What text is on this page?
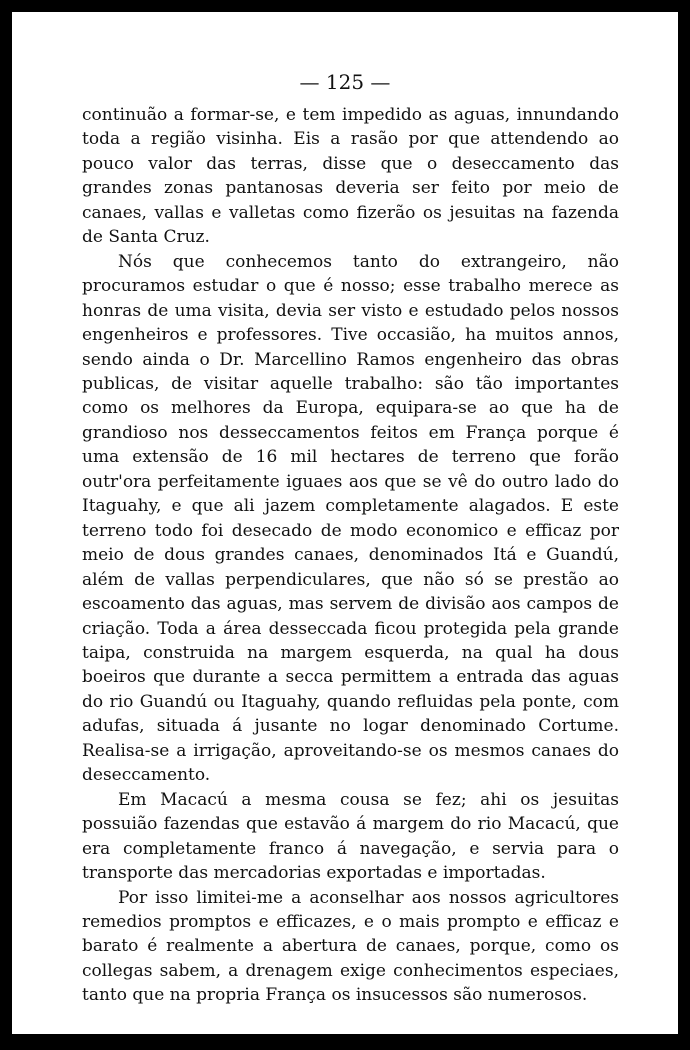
— 125 —

continuão a formar-se, e tem impedido as aguas, innundando toda a região visinha. Eis a rasão por que attendendo ao pouco valor das terras, disse que o deseccamento das grandes zonas pantanosas deveria ser feito por meio de canaes, vallas e valletas como fizerão os jesuitas na fazenda de Santa Cruz.

Nós que conhecemos tanto do extrangeiro, não procuramos estudar o que é nosso; esse trabalho merece as honras de uma visita, devia ser visto e estudado pelos nossos engenheiros e professores. Tive occasião, ha muitos annos, sendo ainda o Dr. Marcellino Ramos engenheiro das obras publicas, de visitar aquelle trabalho: são tão importantes como os melhores da Europa, equipara-se ao que ha de grandioso nos desseccamentos feitos em França porque é uma extensão de 16 mil hectares de terreno que forão outr'ora perfeitamente iguaes aos que se vê do outro lado do Itaguahy, e que ali jazem completamente alagados. E este terreno todo foi desecado de modo economico e efficaz por meio de dous grandes canaes, denominados Itá e Guandú, além de vallas perpendiculares, que não só se prestão ao escoamento das aguas, mas servem de divisão aos campos de criação. Toda a área desseccada ficou protegida pela grande taipa, construida na margem esquerda, na qual ha dous boeiros que durante a secca permittem a entrada das aguas do rio Guandú ou Itaguahy, quando refluidas pela ponte, com adufas, situada á jusante no logar denominado Cortume. Realisa-se a irrigação, aproveitando-se os mesmos canaes do deseccamento.

Em Macacú a mesma cousa se fez; ahi os jesuitas possuião fazendas que estavão á margem do rio Macacú, que era completamente franco á navegação, e servia para o transporte das mercadorias exportadas e importadas.

Por isso limitei-me a aconselhar aos nossos agricultores remedios promptos e efficazes, e o mais prompto e efficaz e barato é realmente a abertura de canaes, porque, como os collegas sabem, a drenagem exige conhecimentos especiaes, tanto que na propria França os insucessos são numerosos.
